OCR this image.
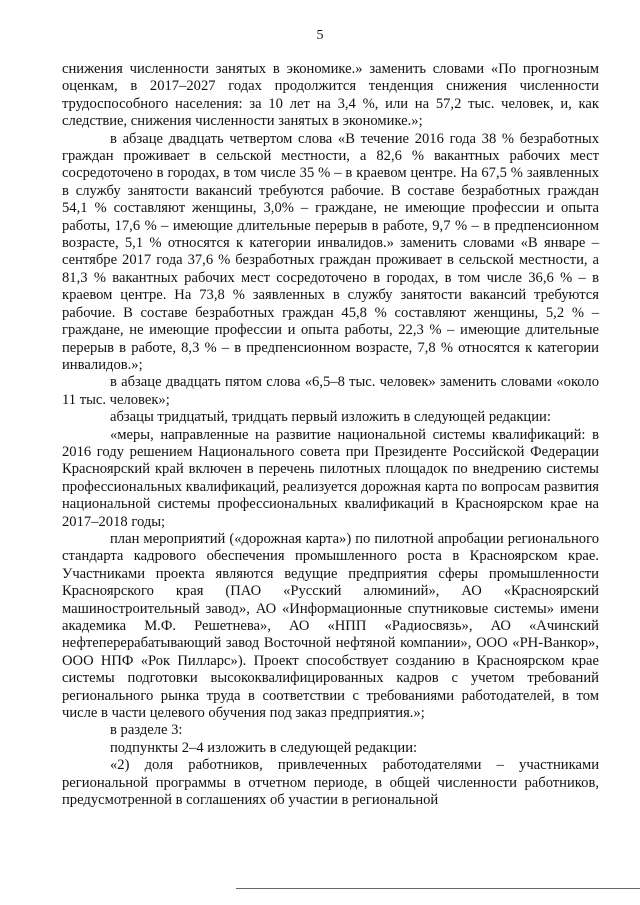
5

снижения численности занятых в экономике.» заменить словами «По прогнозным оценкам, в 2017–2027 годах продолжится тенденция снижения численности трудоспособного населения: за 10 лет на 3,4 %, или на 57,2 тыс. человек, и, как следствие, снижения численности занятых в экономике.»;

в абзаце двадцать четвертом слова «В течение 2016 года 38 % безработных граждан проживает в сельской местности, а 82,6 % вакантных рабочих мест сосредоточено в городах, в том числе 35 % – в краевом центре. На 67,5 % заявленных в службу занятости вакансий требуются рабочие. В составе безработных граждан 54,1 % составляют женщины, 3,0% – граждане, не имеющие профессии и опыта работы, 17,6 % – имеющие длительные перерыв в работе, 9,7 % – в предпенсионном возрасте, 5,1 % относятся к категории инвалидов.» заменить словами «В январе – сентябре 2017 года 37,6 % безработных граждан проживает в сельской местности, а 81,3 % вакантных рабочих мест сосредоточено в городах, в том числе 36,6 % – в краевом центре. На 73,8 % заявленных в службу занятости вакансий требуются рабочие. В составе безработных граждан 45,8 % составляют женщины, 5,2 % – граждане, не имеющие профессии и опыта работы, 22,3 % – имеющие длительные перерыв в работе, 8,3 % – в предпенсионном возрасте, 7,8 % относятся к категории инвалидов.»;

в абзаце двадцать пятом слова «6,5–8 тыс. человек» заменить словами «около 11 тыс. человек»;

абзацы тридцатый, тридцать первый изложить в следующей редакции:

«меры, направленные на развитие национальной системы квалификаций: в 2016 году решением Национального совета при Президенте Российской Федерации Красноярский край включен в перечень пилотных площадок по внедрению системы профессиональных квалификаций, реализуется дорожная карта по вопросам развития национальной системы профессиональных квалификаций в Красноярском крае на 2017–2018 годы;

план мероприятий («дорожная карта») по пилотной апробации регионального стандарта кадрового обеспечения промышленного роста в Красноярском крае. Участниками проекта являются ведущие предприятия сферы промышленности Красноярского края (ПАО «Русский алюминий», АО «Красноярский машиностроительный завод», АО «Информационные спутниковые системы» имени академика М.Ф. Решетнева», АО «НПП «Радиосвязь», АО «Ачинский нефтеперерабатывающий завод Восточной нефтяной компании», ООО «РН-Ванкор», ООО НПФ «Рок Пилларс»). Проект способствует созданию в Красноярском крае системы подготовки высококвалифицированных кадров с учетом требований регионального рынка труда в соответствии с требованиями работодателей, в том числе в части целевого обучения под заказ предприятия.»;

в разделе 3:

подпункты 2–4 изложить в следующей редакции:

«2) доля работников, привлеченных работодателями – участниками региональной программы в отчетном периоде, в общей численности работников, предусмотренной в соглашениях об участии в региональной
